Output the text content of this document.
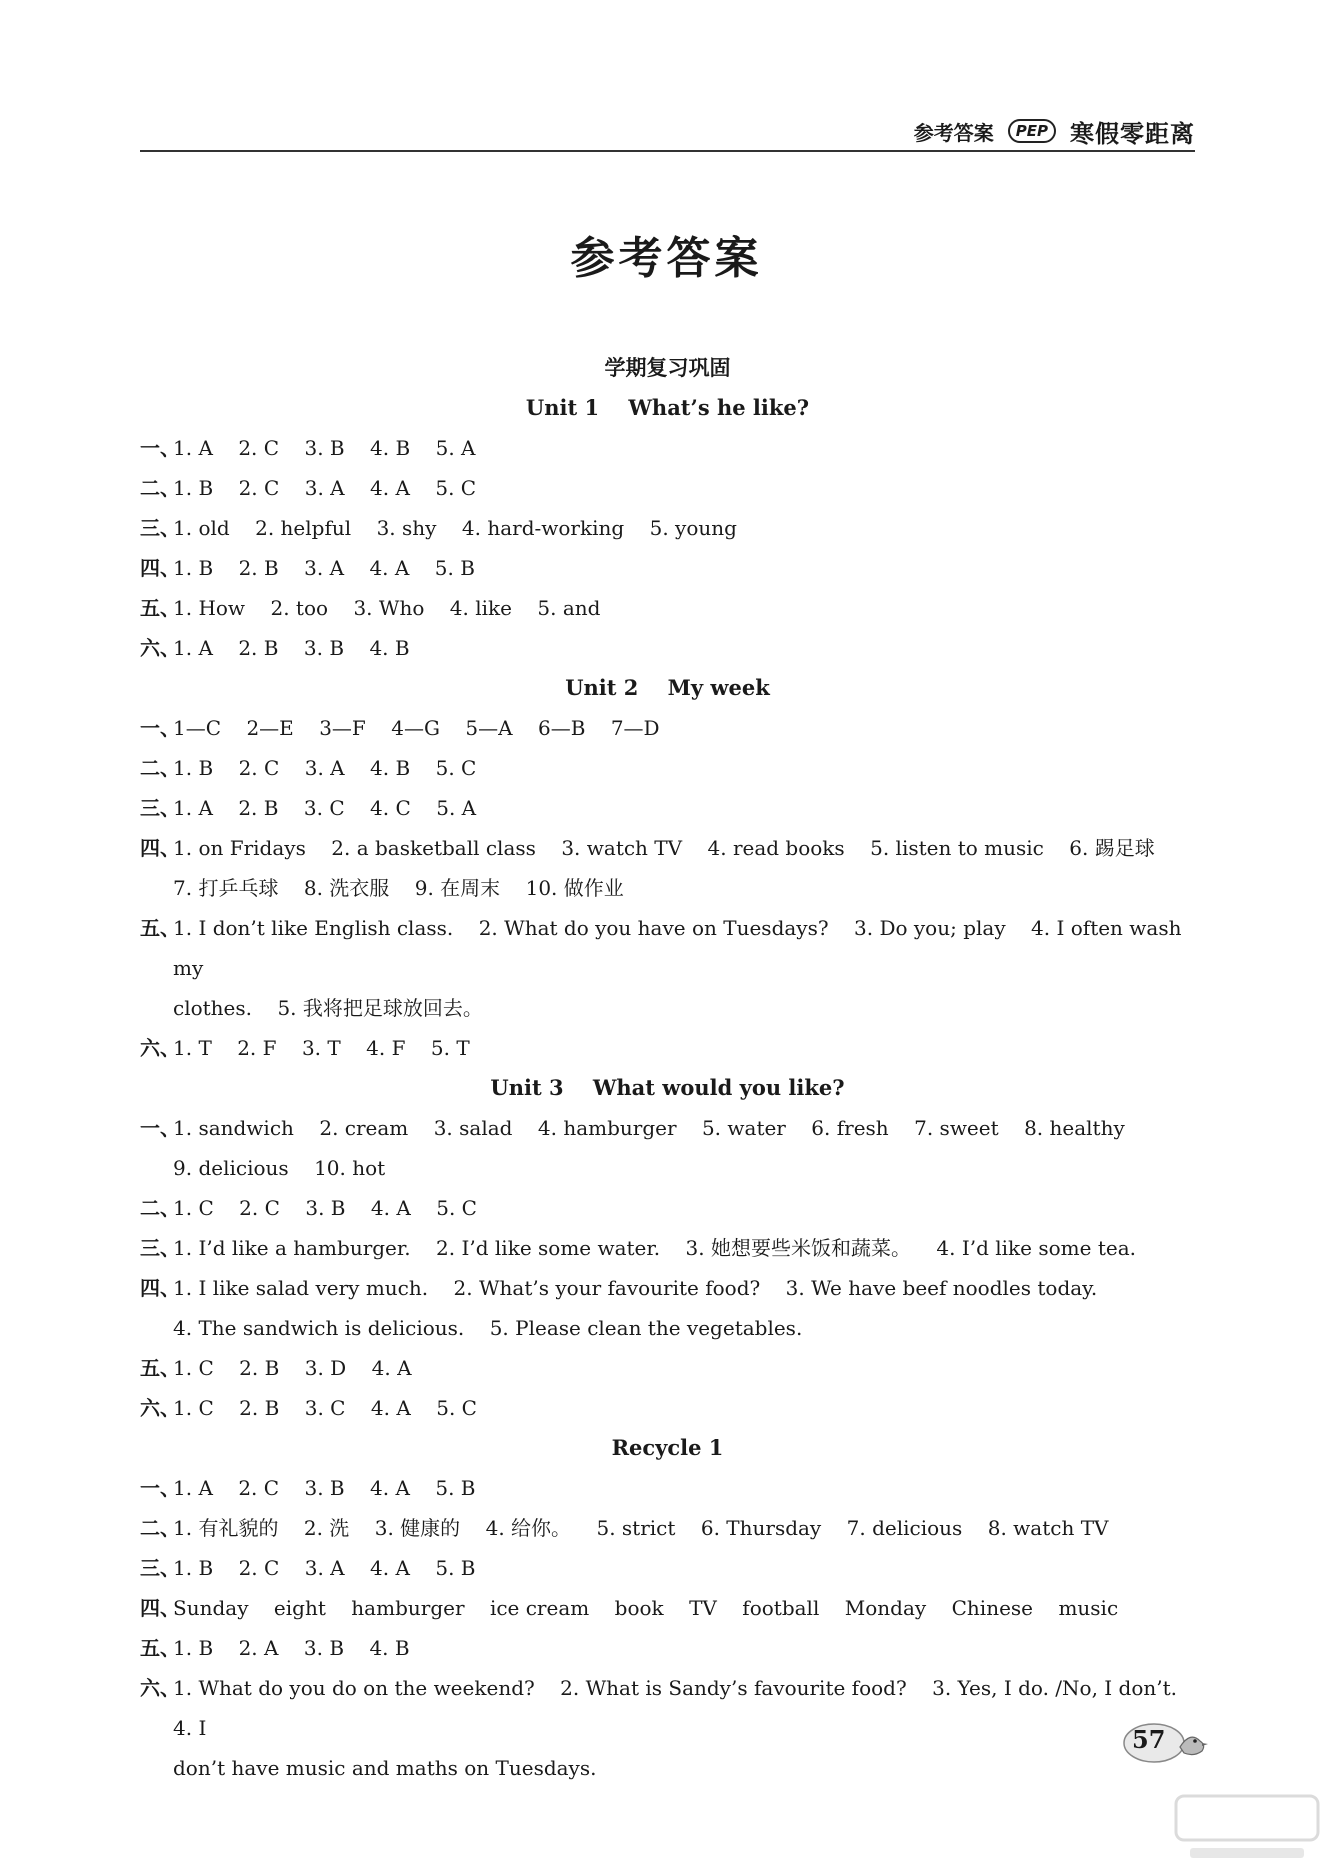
参考答案	PEP 寒假零距离
参考答案
学期复习巩固
Unit 1    What’s he like?
一、
1. A    2. C    3. B    4. B    5. A
二、
1. B    2. C    3. A    4. A    5. C
三、
1. old    2. helpful    3. shy    4. hard-working    5. young
四、
1. B    2. B    3. A    4. A    5. B
五、
1. How    2. too    3. Who    4. like    5. and
六、
1. A    2. B    3. B    4. B
Unit 2    My week
一、
1—C    2—E    3—F    4—G    5—A    6—B    7—D
二、
1. B    2. C    3. A    4. B    5. C
三、
1. A    2. B    3. C    4. C    5. A
四、
1. on Fridays    2. a basketball class    3. watch TV    4. read books    5. listen to music    6. 踢足球
7. 打乒乓球    8. 洗衣服    9. 在周末    10. 做作业
五、
1. I don’t like English class.    2. What do you have on Tuesdays?    3. Do you; play    4. I often wash my
clothes.    5. 我将把足球放回去。
六、
1. T    2. F    3. T    4. F    5. T
Unit 3    What would you like?
一、
1. sandwich    2. cream    3. salad    4. hamburger    5. water    6. fresh    7. sweet    8. healthy
9. delicious    10. hot
二、
1. C    2. C    3. B    4. A    5. C
三、
1. I’d like a hamburger.    2. I’d like some water.    3. 她想要些米饭和蔬菜。    4. I’d like some tea.
四、
1. I like salad very much.    2. What’s your favourite food?    3. We have beef noodles today.
4. The sandwich is delicious.    5. Please clean the vegetables.
五、
1. C    2. B    3. D    4. A
六、
1. C    2. B    3. C    4. A    5. C
Recycle 1
一、
1. A    2. C    3. B    4. A    5. B
二、
1. 有礼貌的    2. 洗    3. 健康的    4. 给你。    5. strict    6. Thursday    7. delicious    8. watch TV
三、
1. B    2. C    3. A    4. A    5. B
四、
Sunday    eight    hamburger    ice cream    book    TV    football    Monday    Chinese    music
五、
1. B    2. A    3. B    4. B
六、
1. What do you do on the weekend?    2. What is Sandy’s favourite food?    3. Yes, I do. /No, I don’t.    4. I
don’t have music and maths on Tuesdays.
57
